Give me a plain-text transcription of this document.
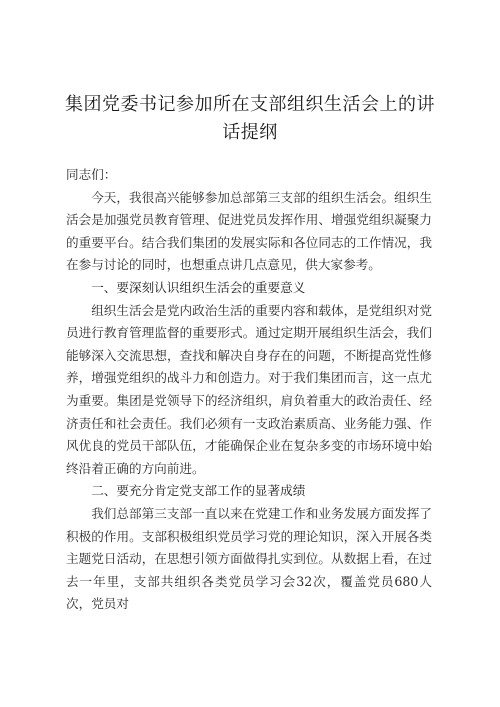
集团党委书记参加所在支部组织生活会上的讲话提纲

同志们：

今天，我很高兴能够参加总部第三支部的组织生活会。组织生活会是加强党员教育管理、促进党员发挥作用、增强党组织凝聚力的重要平台。结合我们集团的发展实际和各位同志的工作情况，我在参与讨论的同时，也想重点讲几点意见，供大家参考。

一、要深刻认识组织生活会的重要意义

组织生活会是党内政治生活的重要内容和载体，是党组织对党员进行教育管理监督的重要形式。通过定期开展组织生活会，我们能够深入交流思想，查找和解决自身存在的问题，不断提高党性修养，增强党组织的战斗力和创造力。对于我们集团而言，这一点尤为重要。集团是党领导下的经济组织，肩负着重大的政治责任、经济责任和社会责任。我们必须有一支政治素质高、业务能力强、作风优良的党员干部队伍，才能确保企业在复杂多变的市场环境中始终沿着正确的方向前进。

二、要充分肯定党支部工作的显著成绩

我们总部第三支部一直以来在党建工作和业务发展方面发挥了积极的作用。支部积极组织党员学习党的理论知识，深入开展各类主题党日活动，在思想引领方面做得扎实到位。从数据上看，在过去一年里，支部共组织各类党员学习会32次，覆盖党员680人次，党员对
